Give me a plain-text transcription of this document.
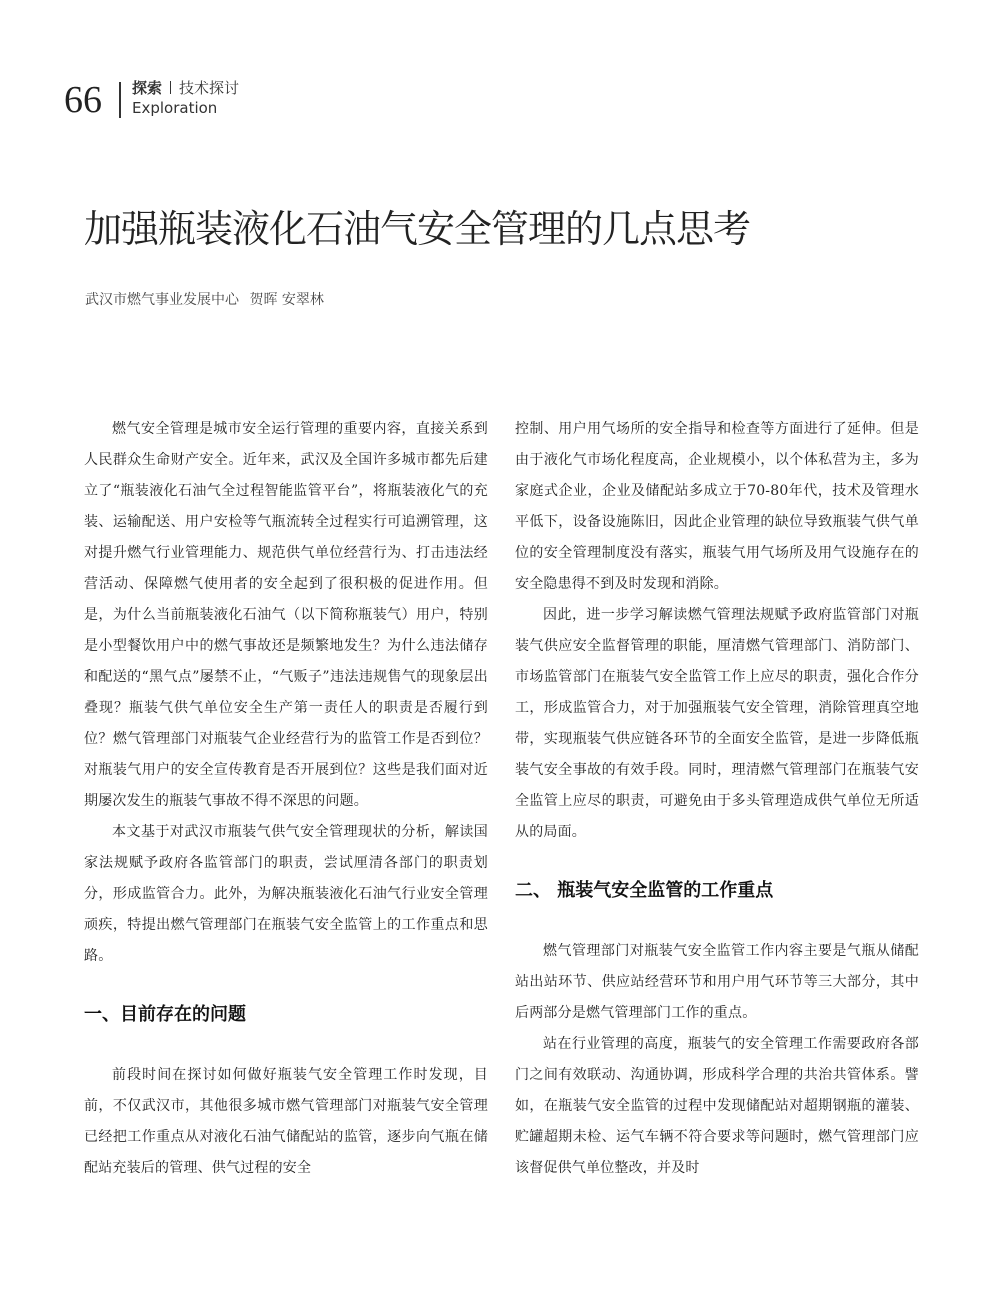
66 探索 技术探讨
Exploration
加强瓶装液化石油气安全管理的几点思考
武汉市燃气事业发展中心 贺晖 安翠林

燃气安全管理是城市安全运行管理的重要内容，直接关系到人民群众生命财产安全。近年来，武汉及全国许多城市都先后建立了“瓶装液化石油气全过程智能监管平台”，将瓶装液化气的充装、运输配送、用户安检等气瓶流转全过程实行可追溯管理，这对提升燃气行业管理能力、规范供气单位经营行为、打击违法经营活动、保障燃气使用者的安全起到了很积极的促进作用。但是，为什么当前瓶装液化石油气（以下简称瓶装气）用户，特别是小型餐饮用户中的燃气事故还是频繁地发生？为什么违法储存和配送的“黑气点”屡禁不止，“气贩子”违法违规售气的现象层出叠现？瓶装气供气单位安全生产第一责任人的职责是否履行到位？燃气管理部门对瓶装气企业经营行为的监管工作是否到位？对瓶装气用户的安全宣传教育是否开展到位？这些是我们面对近期屡次发生的瓶装气事故不得不深思的问题。

本文基于对武汉市瓶装气供气安全管理现状的分析，解读国家法规赋予政府各监管部门的职责，尝试厘清各部门的职责划分，形成监管合力。此外，为解决瓶装液化石油气行业安全管理顽疾，特提出燃气管理部门在瓶装气安全监管上的工作重点和思路。

一、目前存在的问题

前段时间在探讨如何做好瓶装气安全管理工作时发现，目前，不仅武汉市，其他很多城市燃气管理部门对瓶装气安全管理已经把工作重点从对液化石油气储配站的监管，逐步向气瓶在储配站充装后的管理、供气过程的安全

控制、用户用气场所的安全指导和检查等方面进行了延伸。但是由于液化气市场化程度高，企业规模小，以个体私营为主，多为家庭式企业，企业及储配站多成立于70-80年代，技术及管理水平低下，设备设施陈旧，因此企业管理的缺位导致瓶装气供气单位的安全管理制度没有落实，瓶装气用气场所及用气设施存在的安全隐患得不到及时发现和消除。

因此，进一步学习解读燃气管理法规赋予政府监管部门对瓶装气供应安全监督管理的职能，厘清燃气管理部门、消防部门、市场监管部门在瓶装气安全监管工作上应尽的职责，强化合作分工，形成监管合力，对于加强瓶装气安全管理，消除管理真空地带，实现瓶装气供应链各环节的全面安全监管，是进一步降低瓶装气安全事故的有效手段。同时，理清燃气管理部门在瓶装气安全监管上应尽的职责，可避免由于多头管理造成供气单位无所适从的局面。

二、 瓶装气安全监管的工作重点

燃气管理部门对瓶装气安全监管工作内容主要是气瓶从储配站出站环节、供应站经营环节和用户用气环节等三大部分，其中后两部分是燃气管理部门工作的重点。

站在行业管理的高度，瓶装气的安全管理工作需要政府各部门之间有效联动、沟通协调，形成科学合理的共治共管体系。譬如，在瓶装气安全监管的过程中发现储配站对超期钢瓶的灌装、贮罐超期未检、运气车辆不符合要求等问题时，燃气管理部门应该督促供气单位整改，并及时
